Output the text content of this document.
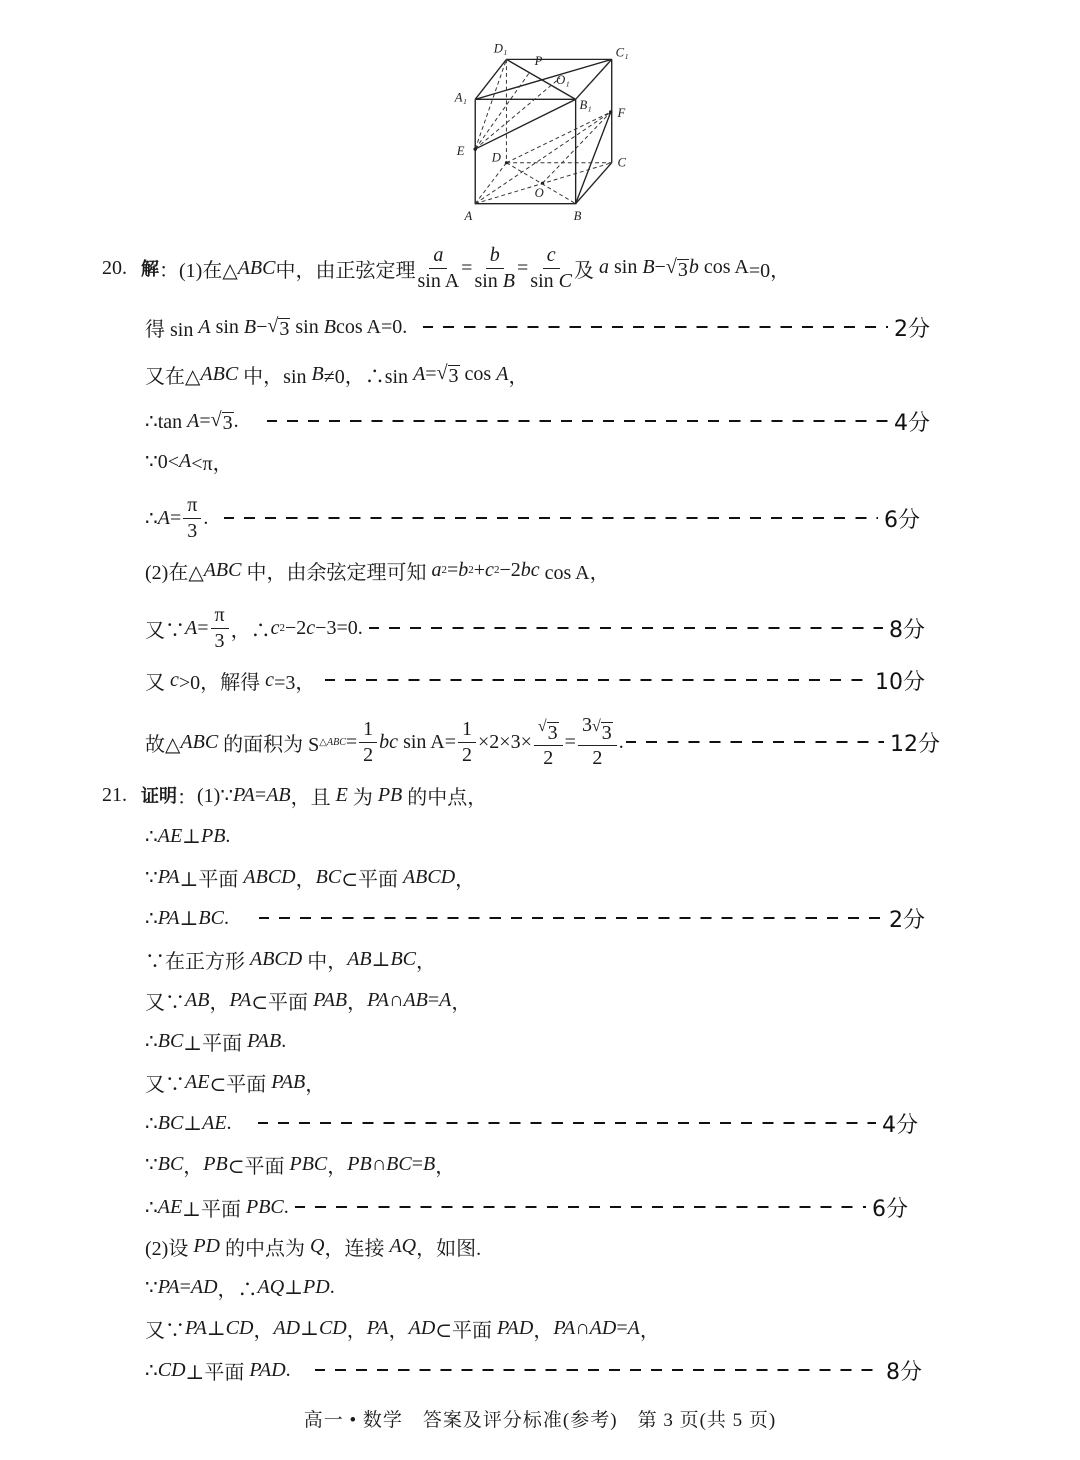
D₁
P
C₁
O₁
A₁
B₁
F
E D	C
O
A	B
20. 解 ： (1)在△ ABC 中，由正弦定理 $\frac{a}{\text{sin A}} = \frac{b}{\text{sin B}} = \frac{c}{\text{sin C}}$ 及 a sin B− √ 3 b cos A =0，
得 sin A sin B − √ 3 sin B cos A=0.	2分
又在△ ABC 中，sin B ≠0，∴sin A = √ 3 cos A ，
∴tan A = √ 3 .	4分
∵0< A <π，
∴ $A = \frac{\pi}{3}$ .	6分
(2)在△ ABC 中，由余弦定理可知 a 2 = b 2 + c 2 −2 bc cos A，
又∵ $A = \frac{\pi}{3}$ ，∴ c 2 −2 c −3=0.	8分
又 c >0，解得 c =3，	10分
故△ ABC 的面积为 S △ABC = $\frac{1}{2}$ bc $\sin A= \frac{1}{2} \times 2\times 3\times \frac{√ 3}{2} = \frac{3 √ 3}{2}$ .	12分
21. 证明 ： (1)∵ PA = AB ，且 E 为 PB 的中点，
∴ AE ⊥ PB .
∵ PA ⊥平面 ABCD ， BC ⊂平面 ABCD ，
∴ PA ⊥ BC .	2分
∵在正方形 ABCD 中， AB ⊥ BC ，
又∵ AB ， PA ⊂平面 PAB ， PA ∩ AB = A ，
∴ BC ⊥平面 PAB .
又∵ AE ⊂平面 PAB ，
∴ BC ⊥ AE .	4分
∵ BC ， PB ⊂平面 PBC ， PB ∩ BC = B ，
∴ AE ⊥平面 PBC .	6分
(2)设 PD 的中点为 Q ，连接 AQ ，如图.
∵ PA = AD ，∴ AQ ⊥ PD .
又∵ PA ⊥ CD ， AD ⊥ CD ， PA ， AD ⊂平面 PAD ， PA ∩ AD = A ，
∴ CD ⊥平面 PAD .	8分
高一 • 数学　答案及评分标准(参考)　第 3 页(共 5 页)
